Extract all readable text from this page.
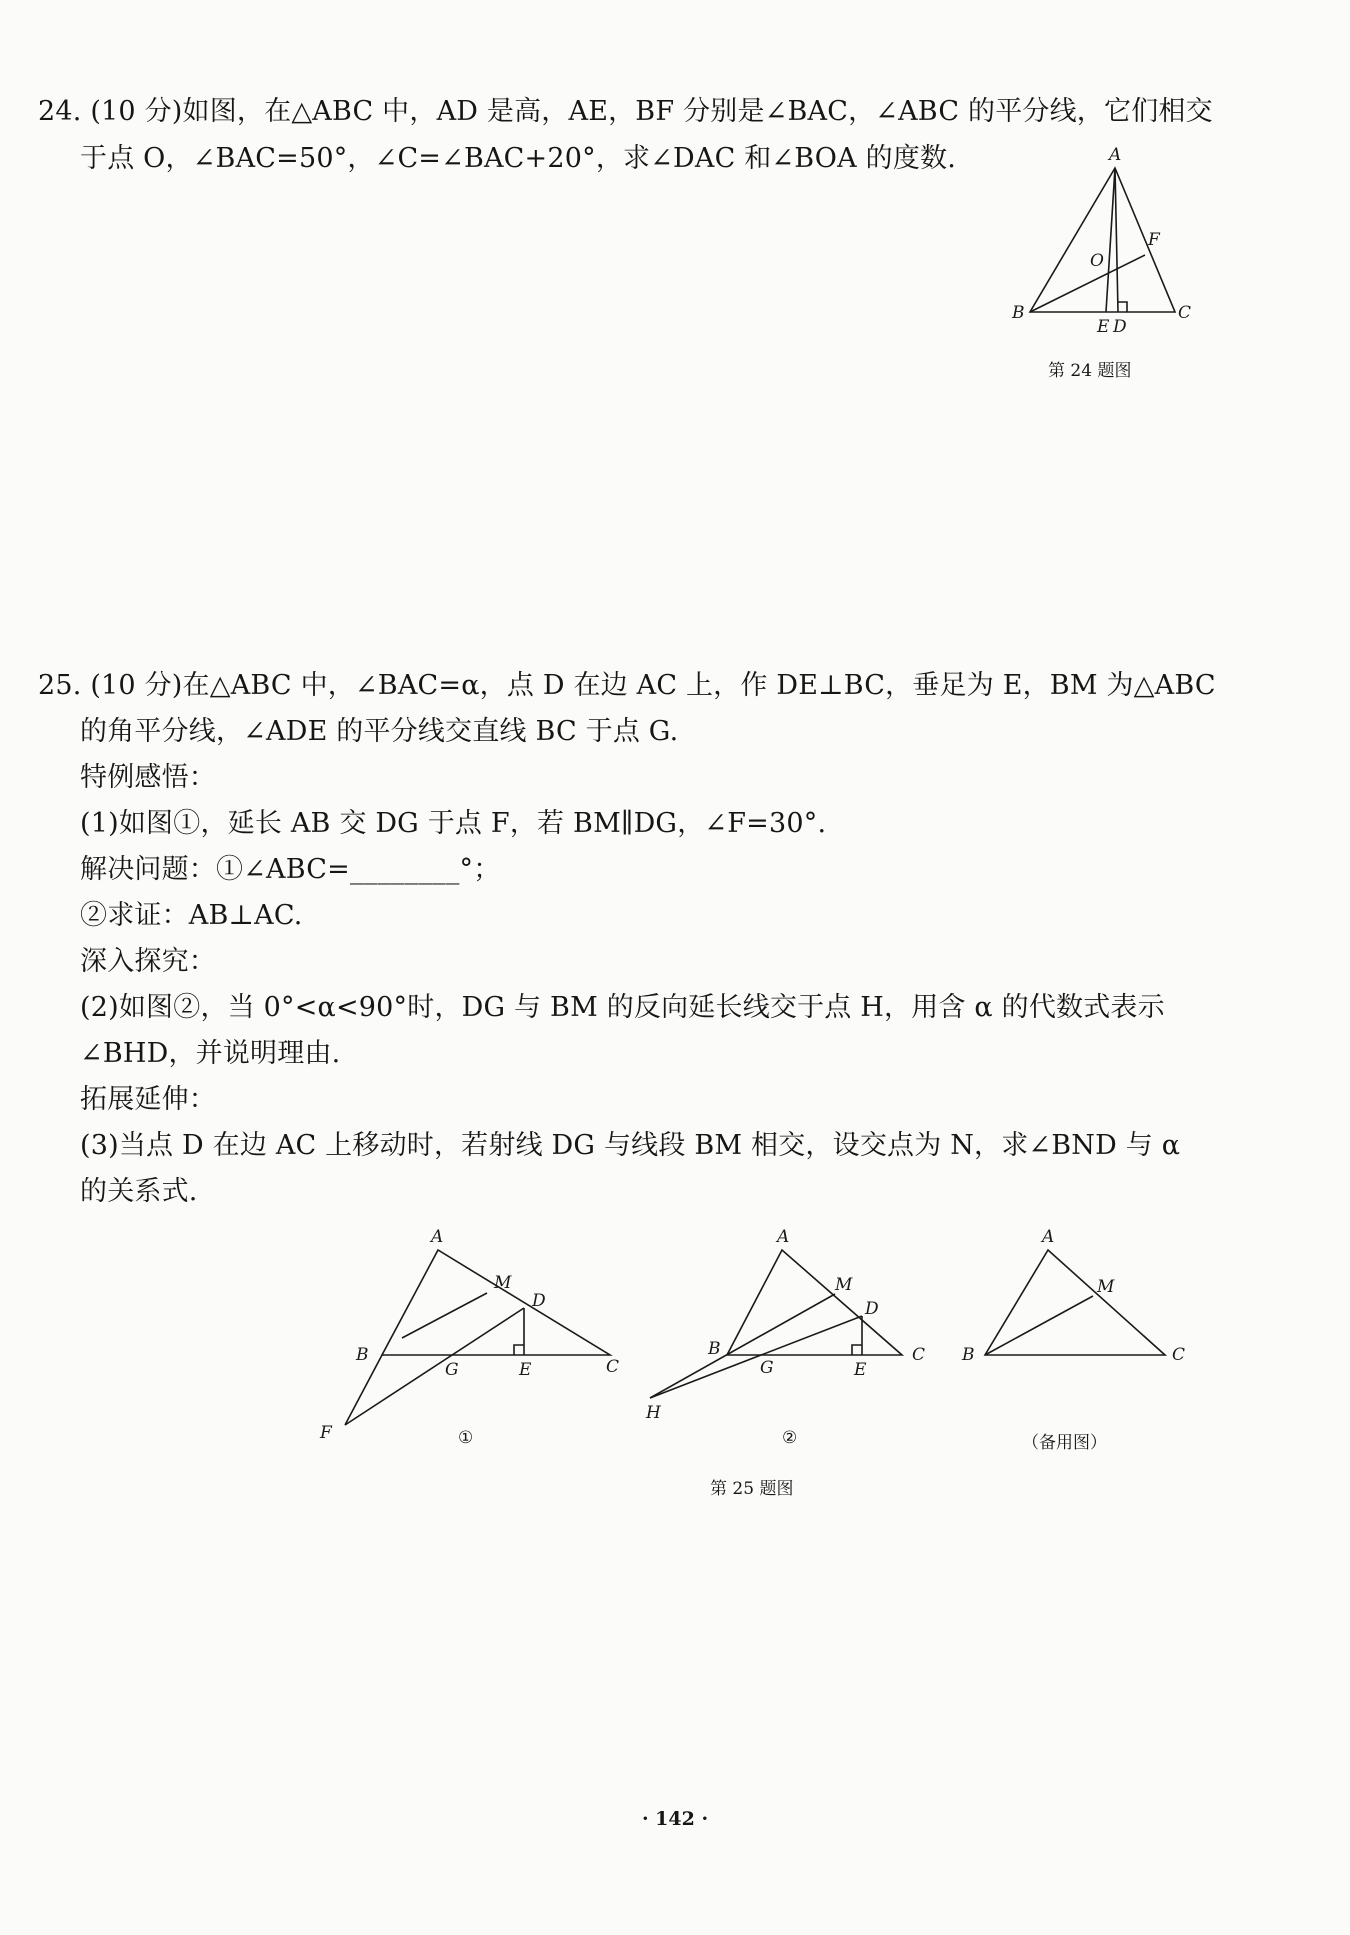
24. (10 分)如图，在△ABC 中，AD 是高，AE，BF 分别是∠BAC，∠ABC 的平分线，它们相交
于点 O，∠BAC=50°，∠C=∠BAC+20°，求∠DAC 和∠BOA 的度数.	A
B	C
E D
F
O
第 24 题图
25. (10 分)在△ABC 中，∠BAC=α，点 D 在边 AC 上，作 DE⊥BC，垂足为 E，BM 为△ABC
的角平分线，∠ADE 的平分线交直线 BC 于点 G.
特例感悟：
(1)如图①，延长 AB 交 DG 于点 F，若 BM∥DG，∠F=30°.
解决问题：①∠ABC=________°；
②求证：AB⊥AC.
深入探究：
(2)如图②，当 0°<α<90°时，DG 与 BM 的反向延长线交于点 H，用含 α 的代数式表示
∠BHD，并说明理由.
拓展延伸：
(3)当点 D 在边 AC 上移动时，若射线 DG 与线段 BM 相交，设交点为 N，求∠BND 与 α
的关系式.
A
M
D
B
G	E	C
F	①
A
M
D
B
G	E
C
H
②
A
M
B	C
（备用图）
第 25 题图
· 142 ·
